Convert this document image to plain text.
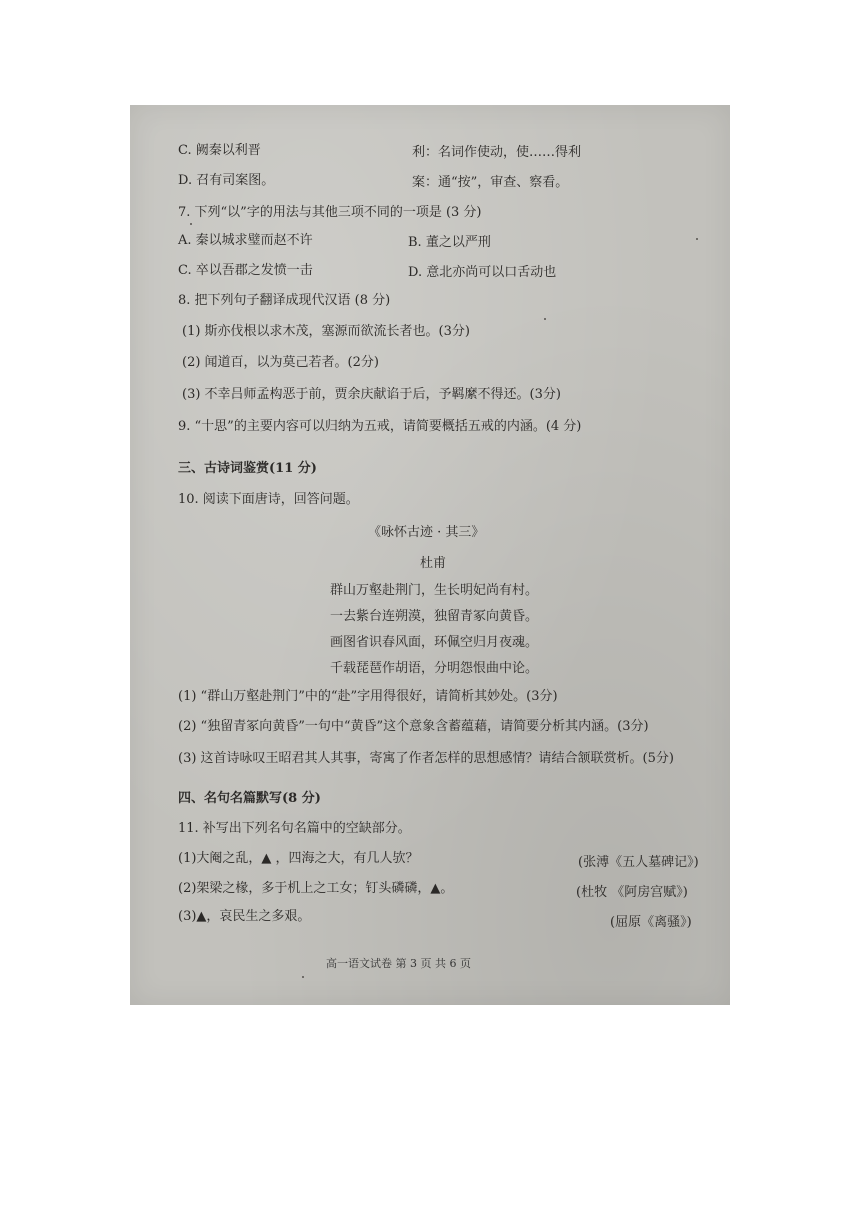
C. 阙秦以利晋	利：名词作使动，使……得利
D. 召有司案图。	案：通“按”，审查、察看。
7. 下列“以”字的用法与其他三项不同的一项是 (3 分)
A. 秦以城求璧而赵不许	B. 董之以严刑
C. 卒以吾郡之发愤一击	D. 意北亦尚可以口舌动也
8. 把下列句子翻译成现代汉语 (8 分)
(1) 斯亦伐根以求木茂，塞源而欲流长者也。(3分)
(2) 闻道百，以为莫己若者。(2分)
(3) 不幸吕师孟构恶于前，贾余庆献谄于后，予羁縻不得还。(3分)
9. “十思”的主要内容可以归纳为五戒，请简要概括五戒的内涵。(4 分)
三、古诗词鉴赏(11 分)
10. 阅读下面唐诗，回答问题。
《咏怀古迹 · 其三》
杜甫
群山万壑赴荆门，生长明妃尚有村。
一去紫台连朔漠，独留青冢向黄昏。
画图省识春风面，环佩空归月夜魂。
千载琵琶作胡语，分明怨恨曲中论。
(1) “群山万壑赴荆门”中的“赴”字用得很好，请简析其妙处。(3分)
(2) “独留青冢向黄昏”一句中“黄昏”这个意象含蓄蕴藉，请简要分析其内涵。(3分)
(3) 这首诗咏叹王昭君其人其事，寄寓了作者怎样的思想感情？请结合颔联赏析。(5分)
四、名句名篇默写(8 分)
11. 补写出下列名句名篇中的空缺部分。
(1)大阉之乱，▲ ，四海之大，有几人欤？	(张溥《五人墓碑记》)
(2)架梁之椽，多于机上之工女；钉头磷磷，▲。	(杜牧 《阿房宫赋》)
(3)▲，哀民生之多艰。	(屈原《离骚》)
高一语文试卷 第 3 页 共 6 页
